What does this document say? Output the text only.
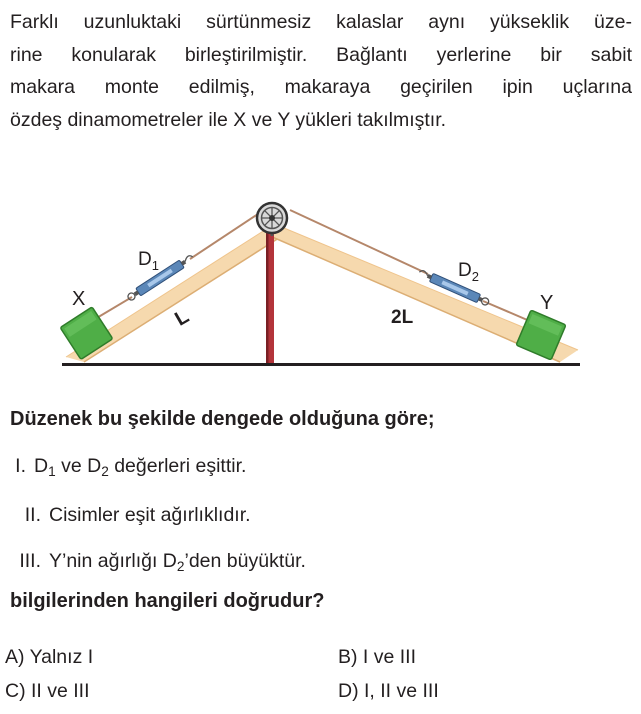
Farklı uzunluktaki sürtünmesiz kalaslar aynı yükseklik üze-
rine konularak birleştirilmiştir. Bağlantı yerlerine bir sabit
makara monte edilmiş, makaraya geçirilen ipin uçlarına
özdeş dinamometreler ile X ve Y yükleri takılmıştır.
X	Y
$D_1$	$D_2$
L	2L
Düzenek bu şekilde dengede olduğuna göre;
I. $D_1$ ve $D_2$ değerleri eşittir.
II. Cisimler eşit ağırlıklıdır.
III. Y’nin ağırlığı $D_2’den$ büyüktür.
bilgilerinden hangileri doğrudur?
A) Yalnız I	B) I ve III
C) II ve III	D) I, II ve III
